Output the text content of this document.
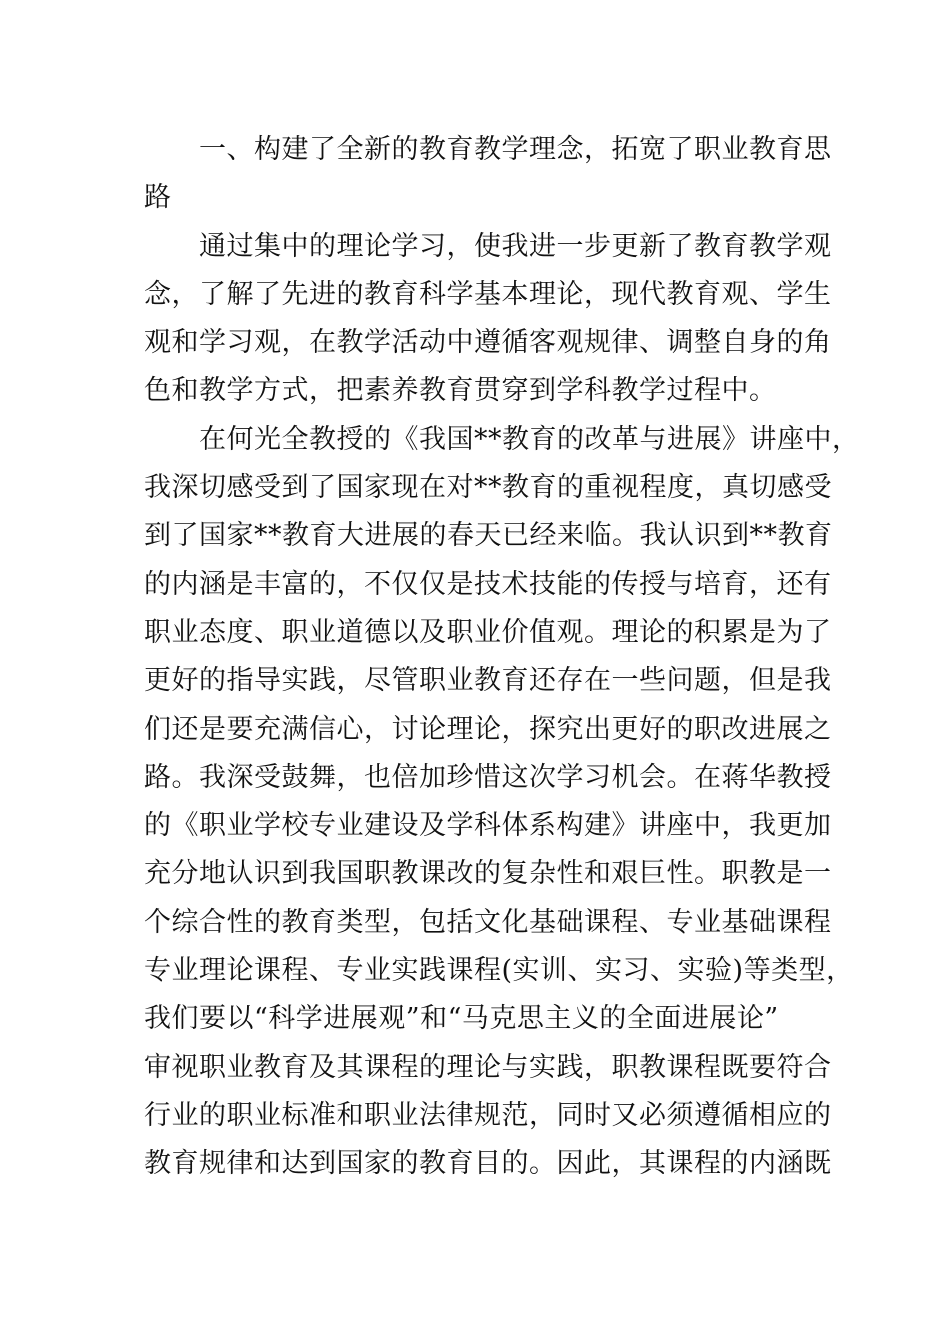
一、构建了全新的教育教学理念，拓宽了职业教育思
路
通过集中的理论学习，使我进一步更新了教育教学观
念，了解了先进的教育科学基本理论，现代教育观、学生
观和学习观，在教学活动中遵循客观规律、调整自身的角
色和教学方式，把素养教育贯穿到学科教学过程中。
在何光全教授的《我国**教育的改革与进展》讲座中，
我深切感受到了国家现在对**教育的重视程度，真切感受
到了国家**教育大进展的春天已经来临。我认识到**教育
的内涵是丰富的，不仅仅是技术技能的传授与培育，还有
职业态度、职业道德以及职业价值观。理论的积累是为了
更好的指导实践，尽管职业教育还存在一些问题，但是我
们还是要充满信心，讨论理论，探究出更好的职改进展之
路。我深受鼓舞，也倍加珍惜这次学习机会。在蒋华教授
的《职业学校专业建设及学科体系构建》讲座中，我更加
充分地认识到我国职教课改的复杂性和艰巨性。职教是一
个综合性的教育类型，包括文化基础课程、专业基础课程
专业理论课程、专业实践课程(实训、实习、实验)等类型，
我们要以“科学进展观”和“马克思主义的全面进展论”
审视职业教育及其课程的理论与实践，职教课程既要符合
行业的职业标准和职业法律规范，同时又必须遵循相应的
教育规律和达到国家的教育目的。因此，其课程的内涵既
